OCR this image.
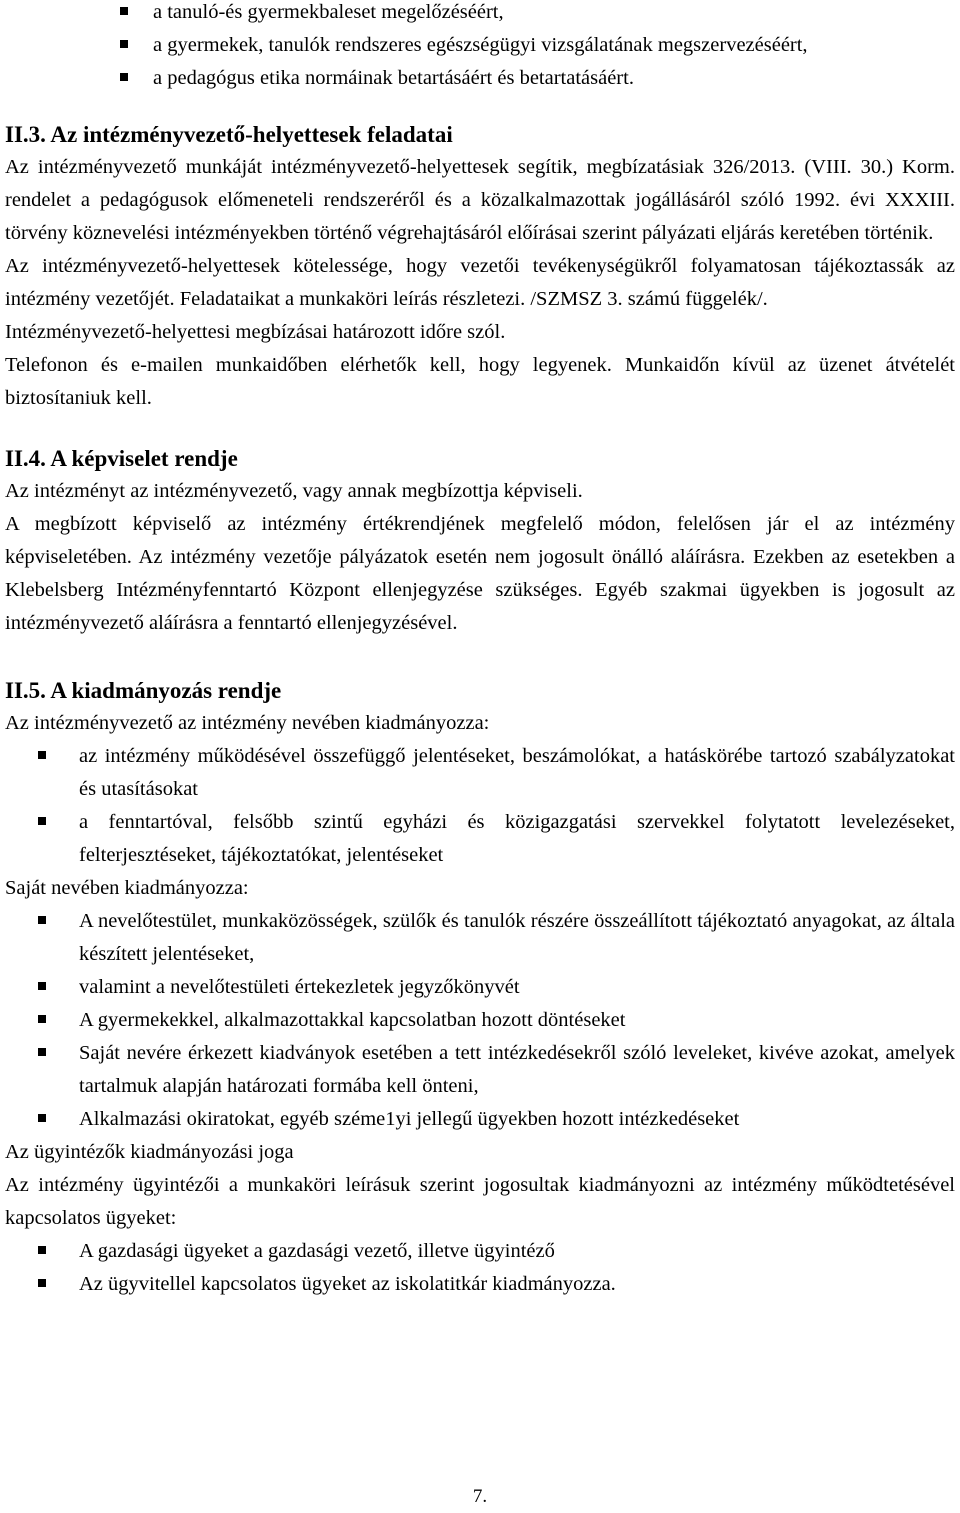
a tanuló-és gyermekbaleset megelőzéséért,

a gyermekek, tanulók rendszeres egészségügyi vizsgálatának megszervezéséért,

a pedagógus etika normáinak betartásáért és betartatásáért.

II.3. Az intézményvezető-helyettesek feladatai

Az intézményvezető munkáját intézményvezető-helyettesek segítik, megbízatásiak 326/2013. (VIII. 30.) Korm. rendelet a pedagógusok előmeneteli rendszeréről és a közalkalmazottak jogállásáról szóló 1992. évi XXXIII. törvény köznevelési intézményekben történő végrehajtásáról előírásai szerint pályázati eljárás keretében történik.

Az intézményvezető-helyettesek kötelessége, hogy vezetői tevékenységükről folyamatosan tájékoztassák az intézmény vezetőjét. Feladataikat a munkaköri leírás részletezi. /SZMSZ 3. számú függelék/.

Intézményvezető-helyettesi megbízásai határozott időre szól.

Telefonon és e-mailen munkaidőben elérhetők kell, hogy legyenek. Munkaidőn kívül az üzenet átvételét biztosítaniuk kell.

II.4. A képviselet rendje

Az intézményt az intézményvezető, vagy annak megbízottja képviseli.

A megbízott képviselő az intézmény értékrendjének megfelelő módon, felelősen jár el az intézmény képviseletében. Az intézmény vezetője pályázatok esetén nem jogosult önálló aláírásra. Ezekben az esetekben a Klebelsberg Intézményfenntartó Központ ellenjegyzése szükséges. Egyéb szakmai ügyekben is jogosult az intézményvezető aláírásra a fenntartó ellenjegyzésével.

II.5. A kiadmányozás rendje

Az intézményvezető az intézmény nevében kiadmányozza:

az intézmény működésével összefüggő jelentéseket, beszámolókat, a hatáskörébe tartozó szabályzatokat és utasításokat

a fenntartóval, felsőbb szintű egyházi és közigazgatási szervekkel folytatott levelezéseket, felterjesztéseket, tájékoztatókat, jelentéseket

Saját nevében kiadmányozza:

A nevelőtestület, munkaközösségek, szülők és tanulók részére összeállított tájékoztató anyagokat, az általa készített jelentéseket,

valamint a nevelőtestületi értekezletek jegyzőkönyvét

A gyermekekkel, alkalmazottakkal kapcsolatban hozott döntéseket

Saját nevére érkezett kiadványok esetében a tett intézkedésekről szóló leveleket, kivéve azokat, amelyek tartalmuk alapján határozati formába kell önteni,

Alkalmazási okiratokat, egyéb széme1yi jellegű ügyekben hozott intézkedéseket

Az ügyintézők kiadmányozási joga

Az intézmény ügyintézői a munkaköri leírásuk szerint jogosultak kiadmányozni az intézmény működtetésével kapcsolatos ügyeket:

A gazdasági ügyeket a gazdasági vezető, illetve ügyintéző

Az ügyvitellel kapcsolatos ügyeket az iskolatitkár kiadmányozza.

7.
